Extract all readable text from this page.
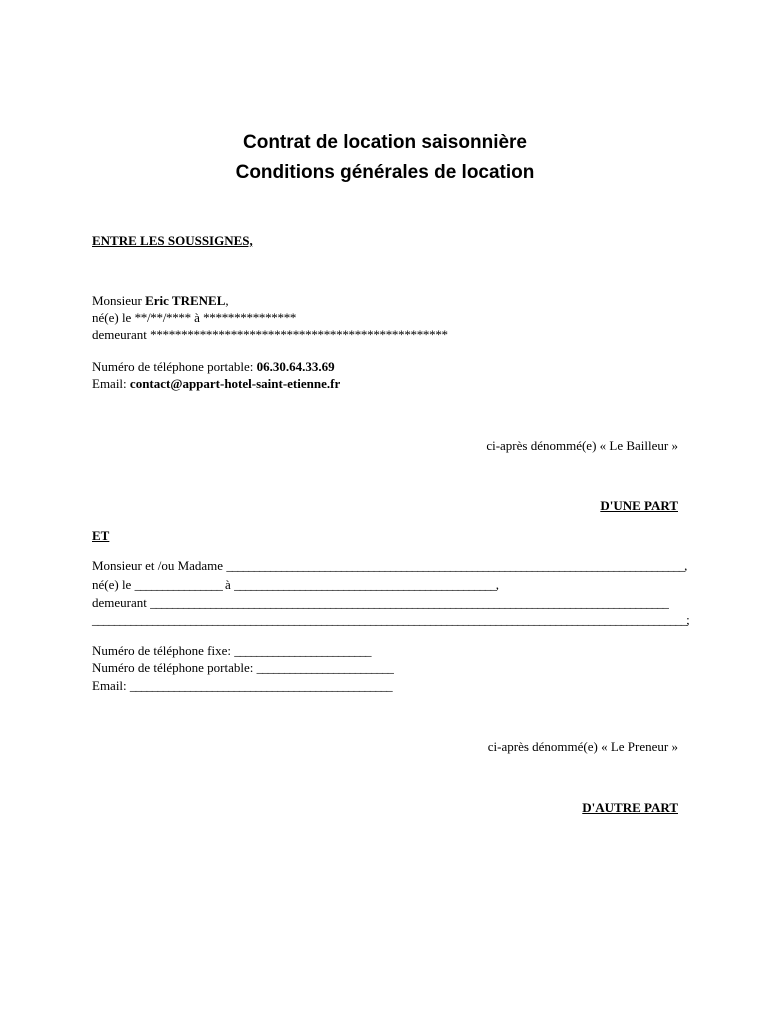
Contrat de location saisonnière
Conditions générales de location
ENTRE LES SOUSSIGNES,
Monsieur Eric TRENEL,
né(e) le **/**/**** à ***************
demeurant ************************************************
Numéro de téléphone portable: 06.30.64.33.69
Email: contact@appart-hotel-saint-etienne.fr
ci-après dénommé(e) « Le Bailleur »
D'UNE PART
ET
Monsieur et /ou Madame ____________________________________________________________________________________,
né(e) le ________________ à ________________________________________________,
demeurant _______________________________________________________________________________________________
_____________________________________________________________________________________________________________;
Numéro de téléphone fixe: _________________________
Numéro de téléphone portable: _________________________
Email: ________________________________________________
ci-après dénommé(e) « Le Preneur »
D'AUTRE PART
